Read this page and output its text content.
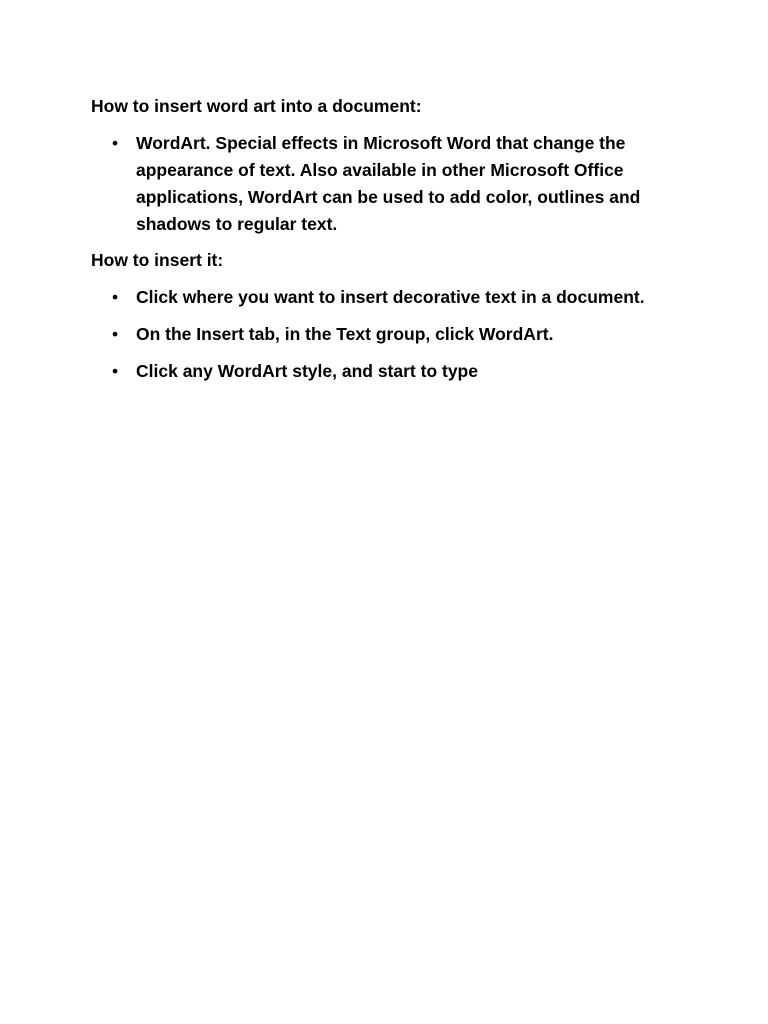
How to insert word art into a document:

• WordArt. Special effects in Microsoft Word that change the appearance of text. Also available in other Microsoft Office applications, WordArt can be used to add color, outlines and shadows to regular text.

How to insert it:

• Click where you want to insert decorative text in a document.
• On the Insert tab, in the Text group, click WordArt.
• Click any WordArt style, and start to type
